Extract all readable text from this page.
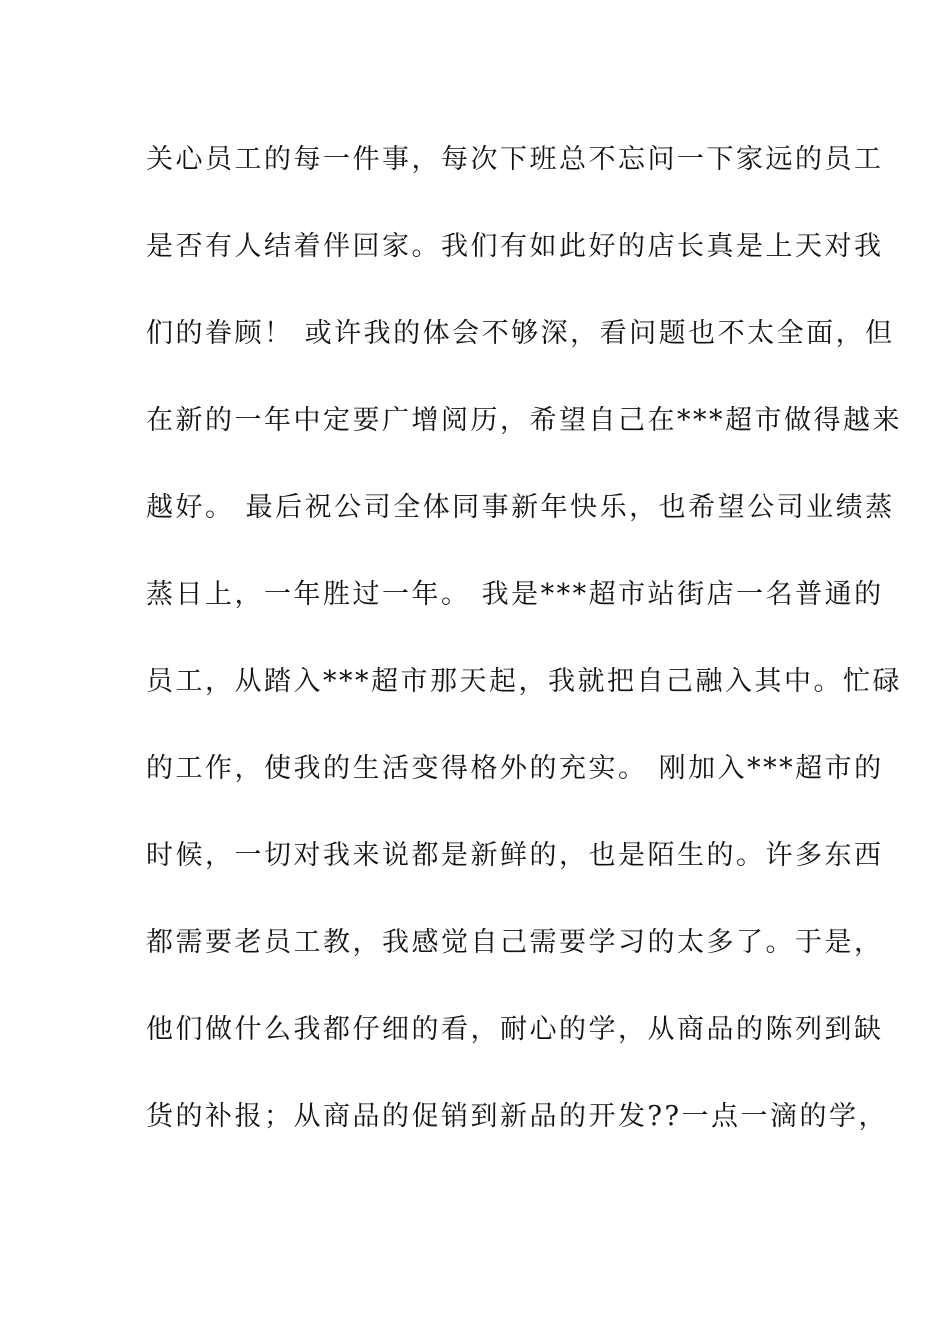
关心员工的每一件事，每次下班总不忘问一下家远的员工
是否有人结着伴回家。我们有如此好的店长真是上天对我
们的眷顾！ 或许我的体会不够深，看问题也不太全面，但
在新的一年中定要广增阅历，希望自己在***超市做得越来
越好。 最后祝公司全体同事新年快乐，也希望公司业绩蒸
蒸日上，一年胜过一年。 我是***超市站街店一名普通的
员工，从踏入***超市那天起，我就把自己融入其中。忙碌
的工作，使我的生活变得格外的充实。 刚加入***超市的
时候，一切对我来说都是新鲜的，也是陌生的。许多东西
都需要老员工教，我感觉自己需要学习的太多了。于是，
他们做什么我都仔细的看，耐心的学，从商品的陈列到缺
货的补报；从商品的促销到新品的开发??一点一滴的学，
